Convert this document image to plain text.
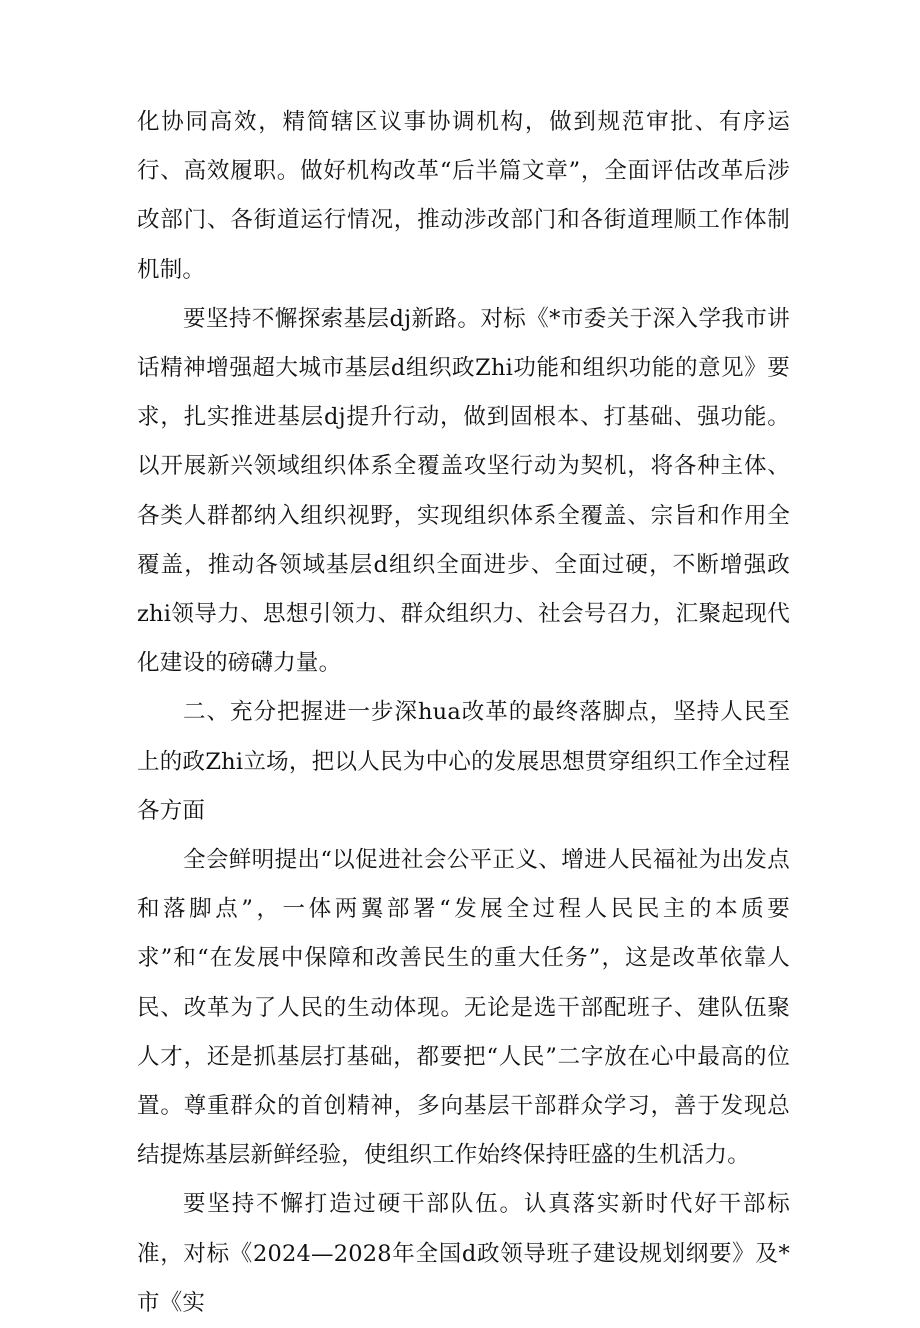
化协同高效，精简辖区议事协调机构，做到规范审批、有序运行、高效履职。做好机构改革“后半篇文章”，全面评估改革后涉改部门、各街道运行情况，推动涉改部门和各街道理顺工作体制机制。

要坚持不懈探索基层dj新路。对标《*市委关于深入学我市讲话精神增强超大城市基层d组织政Zhi功能和组织功能的意见》要求，扎实推进基层dj提升行动，做到固根本、打基础、强功能。以开展新兴领域组织体系全覆盖攻坚行动为契机，将各种主体、各类人群都纳入组织视野，实现组织体系全覆盖、宗旨和作用全覆盖，推动各领域基层d组织全面进步、全面过硬，不断增强政zhi领导力、思想引领力、群众组织力、社会号召力，汇聚起现代化建设的磅礴力量。

二、充分把握进一步深hua改革的最终落脚点，坚持人民至上的政Zhi立场，把以人民为中心的发展思想贯穿组织工作全过程各方面

全会鲜明提出“以促进社会公平正义、增进人民福祉为出发点和落脚点”，一体两翼部署“发展全过程人民民主的本质要求”和“在发展中保障和改善民生的重大任务”，这是改革依靠人民、改革为了人民的生动体现。无论是选干部配班子、建队伍聚人才，还是抓基层打基础，都要把“人民”二字放在心中最高的位置。尊重群众的首创精神，多向基层干部群众学习，善于发现总结提炼基层新鲜经验，使组织工作始终保持旺盛的生机活力。

要坚持不懈打造过硬干部队伍。认真落实新时代好干部标准，对标《2024—2028年全国d政领导班子建设规划纲要》及*市《实
